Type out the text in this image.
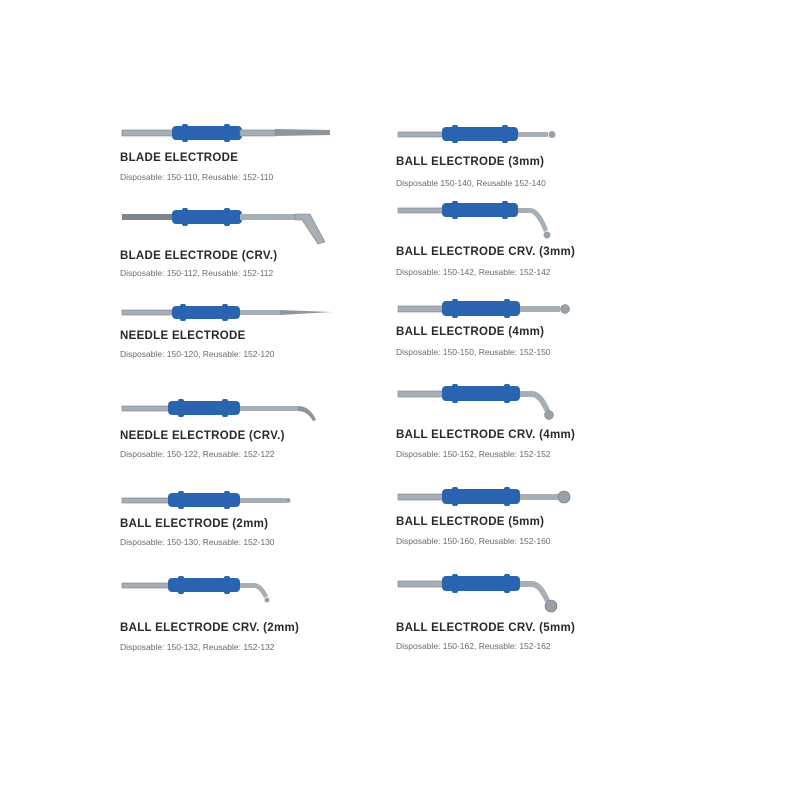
BLADE ELECTRODE
Disposable: 150-110, Reusable: 152-110
BLADE ELECTRODE (CRV.)
Disposable: 150-112, Reusable: 152-112
NEEDLE ELECTRODE
Disposable: 150-120, Reusable: 152-120
NEEDLE ELECTRODE (CRV.)
Disposable: 150-122, Reusable: 152-122
BALL ELECTRODE (2mm)
Disposable: 150-130, Reusable: 152-130
BALL ELECTRODE CRV. (2mm)
Disposable: 150-132, Reusable: 152-132
BALL ELECTRODE (3mm)
Disposable 150-140, Reusable 152-140
BALL ELECTRODE CRV. (3mm)
Disposable: 150-142, Reusable: 152-142
BALL ELECTRODE (4mm)
Disposable: 150-150, Reusable: 152-150
BALL ELECTRODE CRV. (4mm)
Disposable: 150-152, Reusable: 152-152
BALL ELECTRODE (5mm)
Disposable: 150-160, Reusable: 152-160
BALL ELECTRODE CRV. (5mm)
Disposable: 150-162, Reusable: 152-162
